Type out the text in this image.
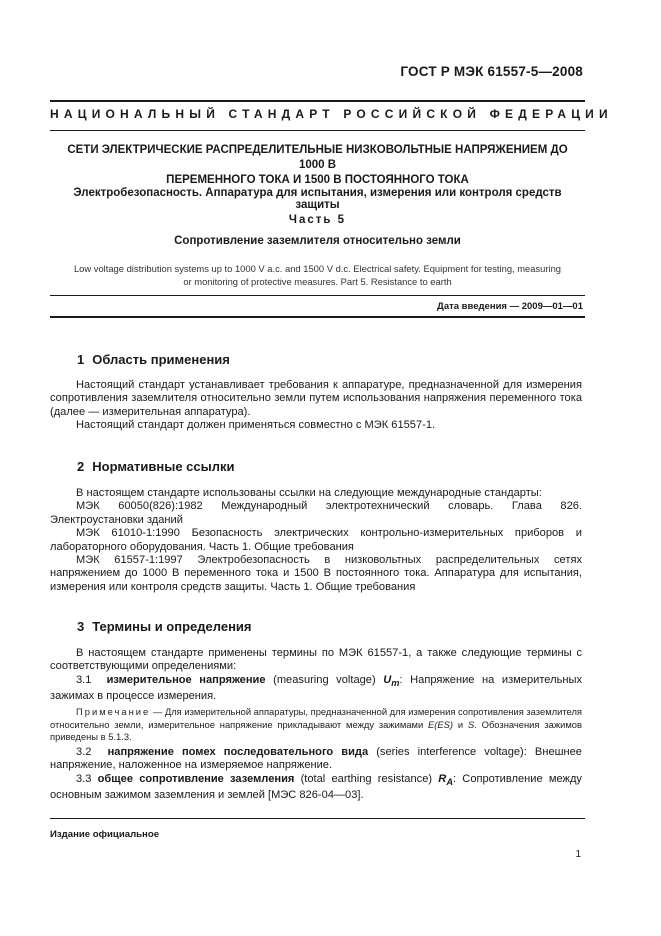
ГОСТ Р МЭК 61557-5—2008
НАЦИОНАЛЬНЫЙ СТАНДАРТ РОССИЙСКОЙ ФЕДЕРАЦИИ
СЕТИ ЭЛЕКТРИЧЕСКИЕ РАСПРЕДЕЛИТЕЛЬНЫЕ НИЗКОВОЛЬТНЫЕ НАПРЯЖЕНИЕМ ДО 1000 В
ПЕРЕМЕННОГО ТОКА И 1500 В ПОСТОЯННОГО ТОКА
Электробезопасность. Аппаратура для испытания, измерения или контроля средств защиты
Часть 5
Сопротивление заземлителя относительно земли
Low voltage distribution systems up to 1000 V a.c. and 1500 V d.c. Electrical safety. Equipment for testing, measuring or monitoring of protective measures. Part 5. Resistance to earth
Дата введения — 2009—01—01
1 Область применения

Настоящий стандарт устанавливает требования к аппаратуре, предназначенной для измерения сопротивления заземлителя относительно земли путем использования напряжения переменного тока (далее — измерительная аппаратура).

Настоящий стандарт должен применяться совместно с МЭК 61557-1.

2 Нормативные ссылки

В настоящем стандарте использованы ссылки на следующие международные стандарты:

МЭК 60050(826):1982 Международный электротехнический словарь. Глава 826. Электроустановки зданий

МЭК 61010-1:1990 Безопасность электрических контрольно-измерительных приборов и лабораторного оборудования. Часть 1. Общие требования

МЭК 61557-1:1997 Электробезопасность в низковольтных распределительных сетях напряжением до 1000 В переменного тока и 1500 В постоянного тока. Аппаратура для испытания, измерения или контроля средств защиты. Часть 1. Общие требования

3 Термины и определения

В настоящем стандарте применены термины по МЭК 61557-1, а также следующие термины с соответствующими определениями:

3.1 измерительное напряжение (measuring voltage) $U_m$: Напряжение на измерительных зажимах в процессе измерения.

Примечание — Для измерительной аппаратуры, предназначенной для измерения сопротивления заземлителя относительно земли, измерительное напряжение прикладывают между зажимами E(ES) и S. Обозначения зажимов приведены в 5.1.3.

3.2 напряжение помех последовательного вида (series interference voltage): Внешнее напряжение, наложенное на измеряемое напряжение.

3.3 общее сопротивление заземления (total earthing resistance) $R_A$: Сопротивление между основным зажимом заземления и землей [МЭС 826-04—03].

Издание официальное
1
